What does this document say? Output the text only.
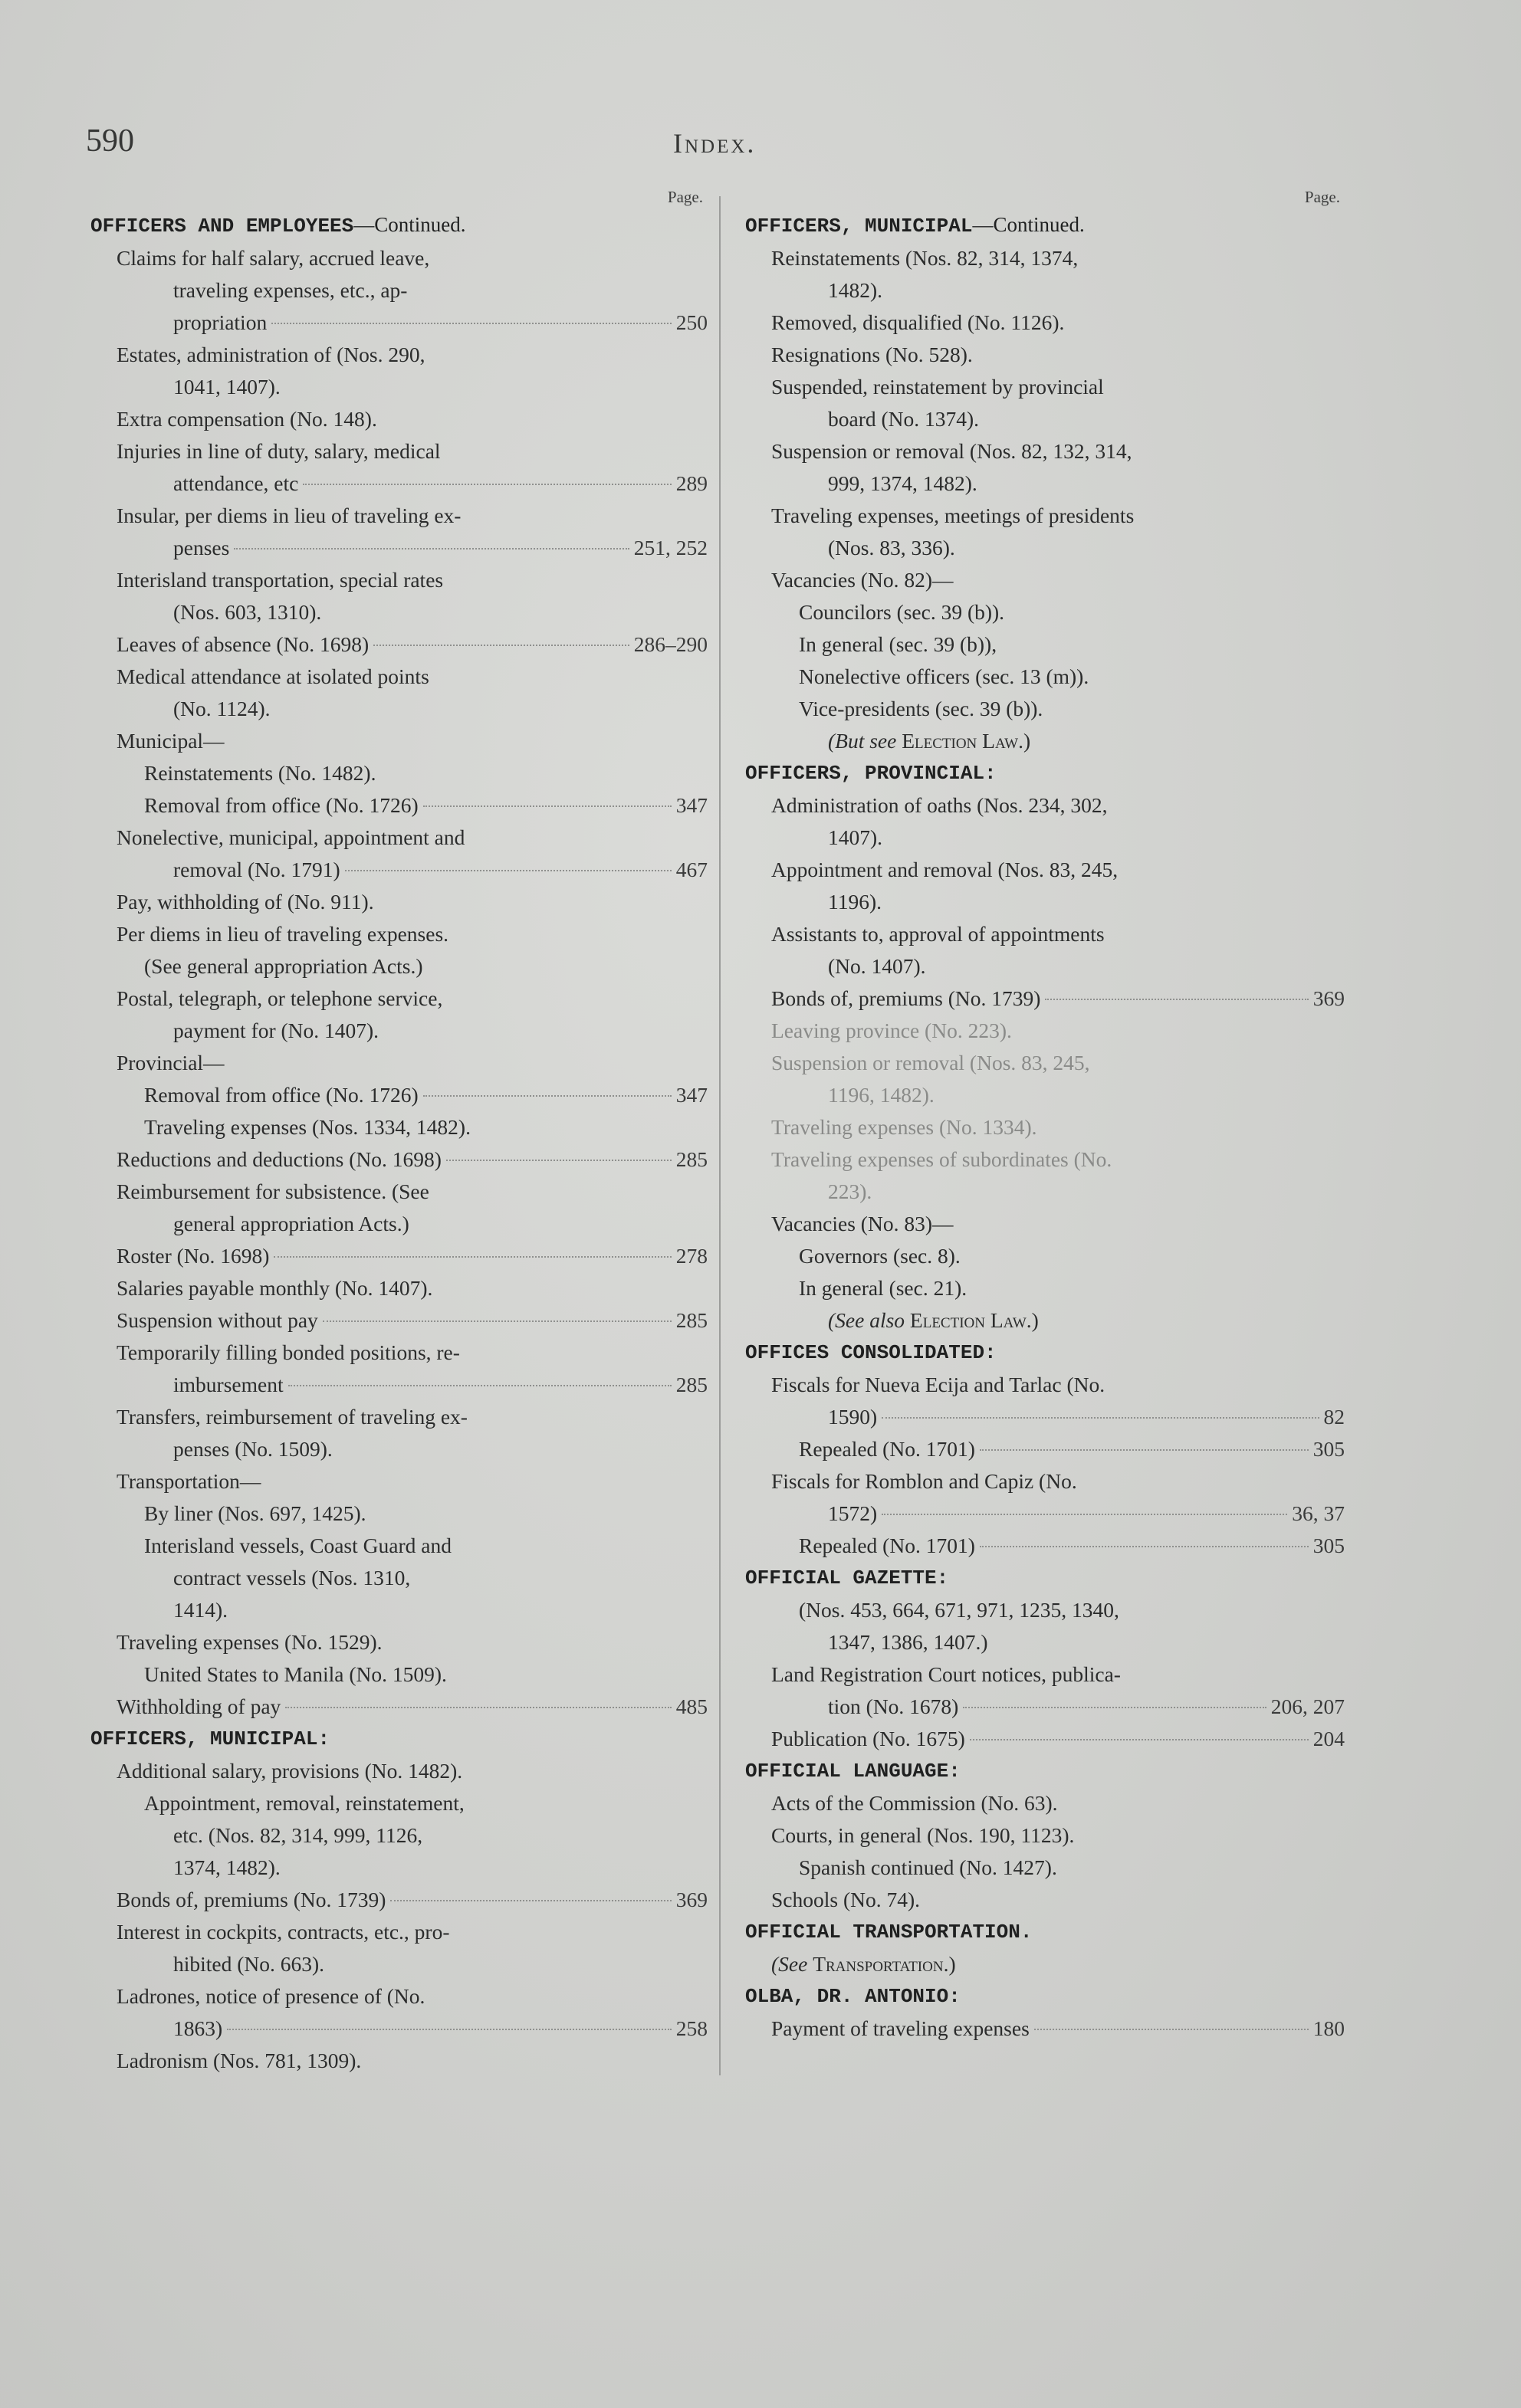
590	Index.
Page.
OFFICERS AND EMPLOYEES—Continued.
Claims for half salary, accrued leave,
traveling expenses, etc., ap-
propriation	250
Estates, administration of (Nos. 290,
1041, 1407).
Extra compensation (No. 148).
Injuries in line of duty, salary, medical
attendance, etc	289
Insular, per diems in lieu of traveling ex-
penses	251, 252
Interisland transportation, special rates
(Nos. 603, 1310).
Leaves of absence (No. 1698)	286–290
Medical attendance at isolated points
(No. 1124).
Municipal—
Reinstatements (No. 1482).
Removal from office (No. 1726)	347
Nonelective, municipal, appointment and
removal (No. 1791)	467
Pay, withholding of (No. 911).
Per diems in lieu of traveling expenses.
(See general appropriation Acts.)
Postal, telegraph, or telephone service,
payment for (No. 1407).
Provincial—
Removal from office (No. 1726)	347
Traveling expenses (Nos. 1334, 1482).
Reductions and deductions (No. 1698)	285
Reimbursement for subsistence. (See
general appropriation Acts.)
Roster (No. 1698)	278
Salaries payable monthly (No. 1407).
Suspension without pay	285
Temporarily filling bonded positions, re-
imbursement	285
Transfers, reimbursement of traveling ex-
penses (No. 1509).
Transportation—
By liner (Nos. 697, 1425).
Interisland vessels, Coast Guard and
contract vessels (Nos. 1310,
1414).
Traveling expenses (No. 1529).
United States to Manila (No. 1509).
Withholding of pay	485
OFFICERS, MUNICIPAL:
Additional salary, provisions (No. 1482).
Appointment, removal, reinstatement,
etc. (Nos. 82, 314, 999, 1126,
1374, 1482).
Bonds of, premiums (No. 1739)	369
Interest in cockpits, contracts, etc., pro-
hibited (No. 663).
Ladrones, notice of presence of (No.
1863)	258
Ladronism (Nos. 781, 1309).
Page.
OFFICERS, MUNICIPAL—Continued.
Reinstatements (Nos. 82, 314, 1374,
1482).
Removed, disqualified (No. 1126).
Resignations (No. 528).
Suspended, reinstatement by provincial
board (No. 1374).
Suspension or removal (Nos. 82, 132, 314,
999, 1374, 1482).
Traveling expenses, meetings of presidents
(Nos. 83, 336).
Vacancies (No. 82)—
Councilors (sec. 39 (b)).
In general (sec. 39 (b)),
Nonelective officers (sec. 13 (m)).
Vice-presidents (sec. 39 (b)).
(But see Election Law.)
OFFICERS, PROVINCIAL:
Administration of oaths (Nos. 234, 302,
1407).
Appointment and removal (Nos. 83, 245,
1196).
Assistants to, approval of appointments
(No. 1407).
Bonds of, premiums (No. 1739)	369
Leaving province (No. 223).
Suspension or removal (Nos. 83, 245,
1196, 1482).
Traveling expenses (No. 1334).
Traveling expenses of subordinates (No.
223).
Vacancies (No. 83)—
Governors (sec. 8).
In general (sec. 21).
(See also Election Law.)
OFFICES CONSOLIDATED:
Fiscals for Nueva Ecija and Tarlac (No.
1590)	82
Repealed (No. 1701)	305
Fiscals for Romblon and Capiz (No.
1572)	36, 37
Repealed (No. 1701)	305
OFFICIAL GAZETTE:
(Nos. 453, 664, 671, 971, 1235, 1340,
1347, 1386, 1407.)
Land Registration Court notices, publica-
tion (No. 1678)	206, 207
Publication (No. 1675)	204
OFFICIAL LANGUAGE:
Acts of the Commission (No. 63).
Courts, in general (Nos. 190, 1123).
Spanish continued (No. 1427).
Schools (No. 74).
OFFICIAL TRANSPORTATION.
(See Transportation.)
OLBA, DR. ANTONIO:
Payment of traveling expenses	180
